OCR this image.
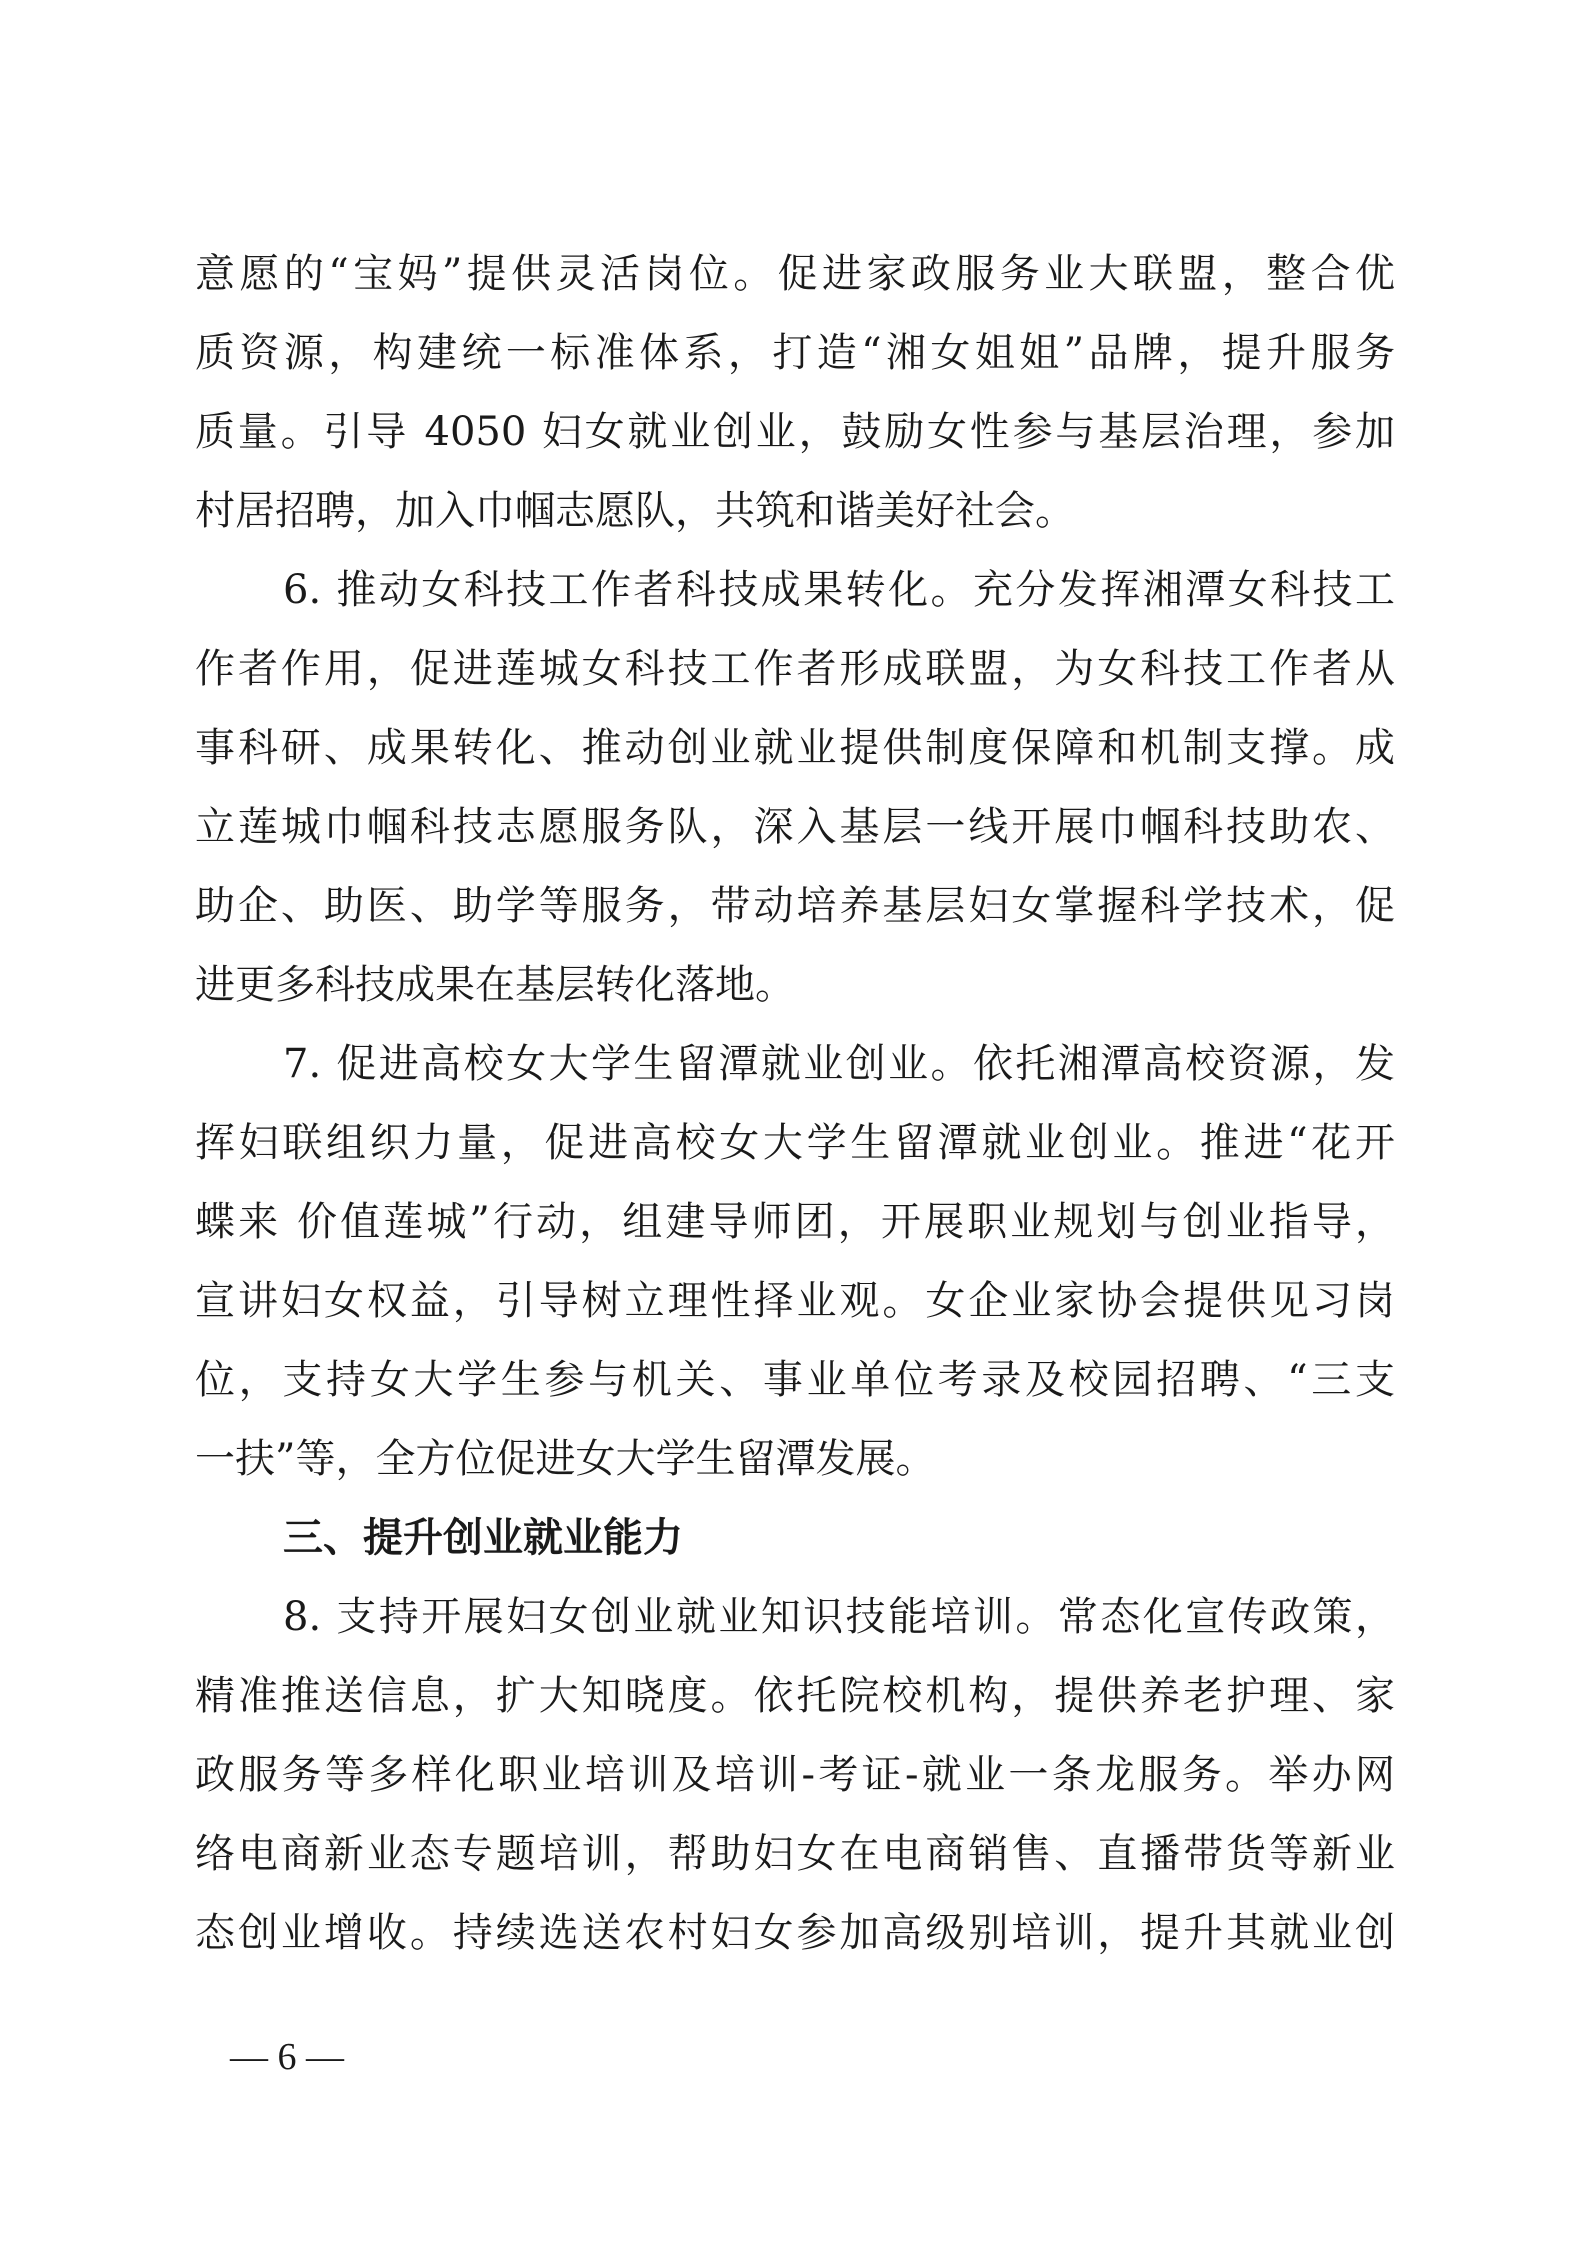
意愿的“宝妈”提供灵活岗位。促进家政服务业大联盟，整合优
质资源，构建统一标准体系，打造“湘女姐姐”品牌，提升服务
质量。引导 4050 妇女就业创业，鼓励女性参与基层治理，参加
村居招聘，加入巾帼志愿队，共筑和谐美好社会。
6. 推动女科技工作者科技成果转化。充分发挥湘潭女科技工
作者作用，促进莲城女科技工作者形成联盟，为女科技工作者从
事科研、成果转化、推动创业就业提供制度保障和机制支撑。成
立莲城巾帼科技志愿服务队，深入基层一线开展巾帼科技助农、
助企、助医、助学等服务，带动培养基层妇女掌握科学技术，促
进更多科技成果在基层转化落地。
7. 促进高校女大学生留潭就业创业。依托湘潭高校资源，发
挥妇联组织力量，促进高校女大学生留潭就业创业。推进“花开
蝶来 价值莲城”行动，组建导师团，开展职业规划与创业指导，
宣讲妇女权益，引导树立理性择业观。女企业家协会提供见习岗
位，支持女大学生参与机关、事业单位考录及校园招聘、“三支
一扶”等，全方位促进女大学生留潭发展。
三、提升创业就业能力
8. 支持开展妇女创业就业知识技能培训。常态化宣传政策，
精准推送信息，扩大知晓度。依托院校机构，提供养老护理、家
政服务等多样化职业培训及培训-考证-就业一条龙服务。举办网
络电商新业态专题培训，帮助妇女在电商销售、直播带货等新业
态创业增收。持续选送农村妇女参加高级别培训，提升其就业创
— 6 —
